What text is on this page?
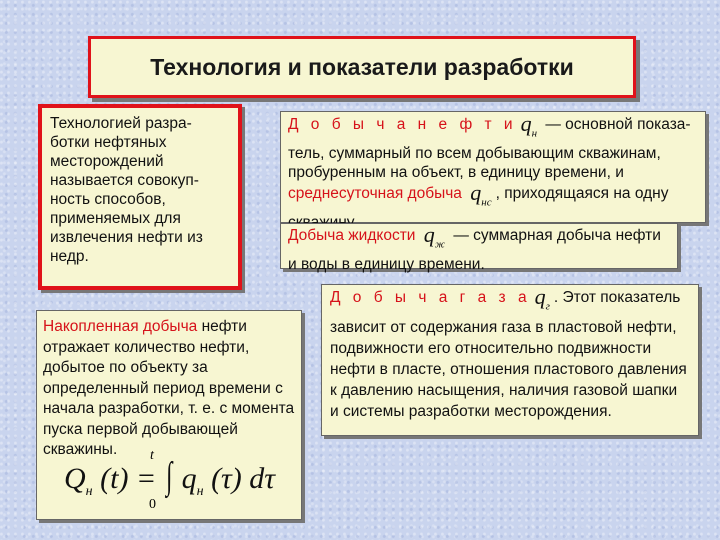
Технология и показатели разработки
Технологией разра-ботки нефтяных месторождений называется совокуп-ность способов, применяемых для извлечения нефти из недр.
Д о б ы ч а н е ф т и $q_н$ — основной показа-тель, суммарный по всем добывающим скважинам, пробуренным на объект, в единицу времени, и среднесуточная добыча $q_{нс}$, приходящаяся на одну
Добыча жидкости $q_ж$ — суммарная добыча нефти и воды в единицу времени.
Д о б ы ч а г а з а $q_г$. Этот показатель зависит от содержания газа в пластовой нефти, подвижности его относительно подвижности нефти в пласте, отношения пластового давления к давлению насыщения, наличия газовой шапки и системы разработки месторождения.
Накопленная добыча нефти отражает количество нефти, добытое по объекту за определенный период времени с начала разработки, т. е. с момента пуска первой добывающей скважины.
$Q_н$ (t) = ∫ $q_н$ (τ) dτ
0
t
